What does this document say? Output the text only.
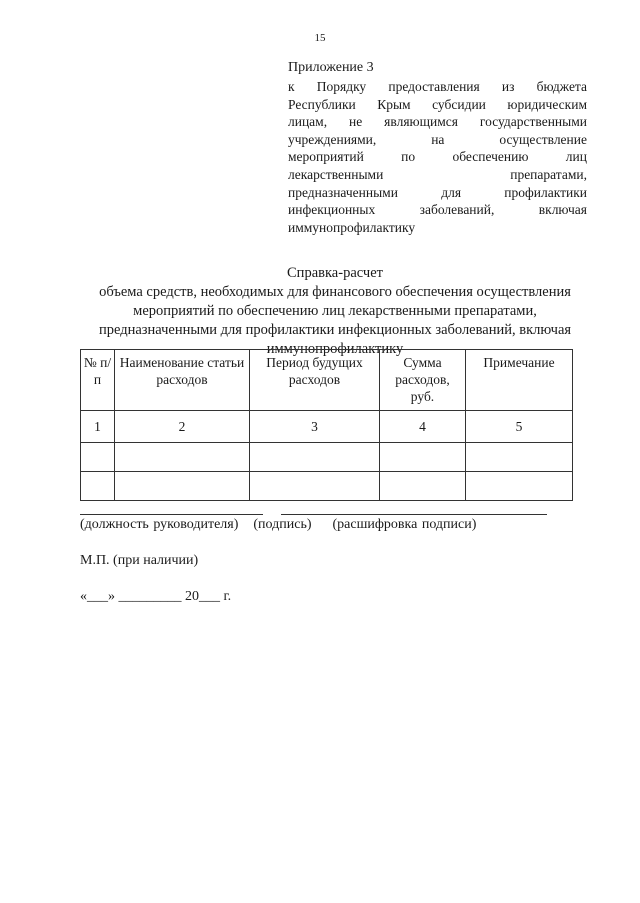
15
Приложение 3
к Порядку предоставления из бюджета
Республики Крым субсидии юридическим
лицам, не являющимся государственными
учреждениями, на осуществление
мероприятий по обеспечению лиц
лекарственными препаратами,
предназначенными для профилактики
инфекционных заболеваний, включая
иммунопрофилактику
Справка-расчет
объема средств, необходимых для финансового обеспечения осуществления
мероприятий по обеспечению лиц лекарственными препаратами,
предназначенными для профилактики инфекционных заболеваний, включая
иммунопрофилактику
№ п/п	Наименование статьи расходов	Период будущих расходов	Сумма расходов, руб.	Примечание
1	2	3	4	5

(должность руководителя) (подпись) (расшифровка подписи)
М.П. (при наличии)
«___» _________ 20___ г.
